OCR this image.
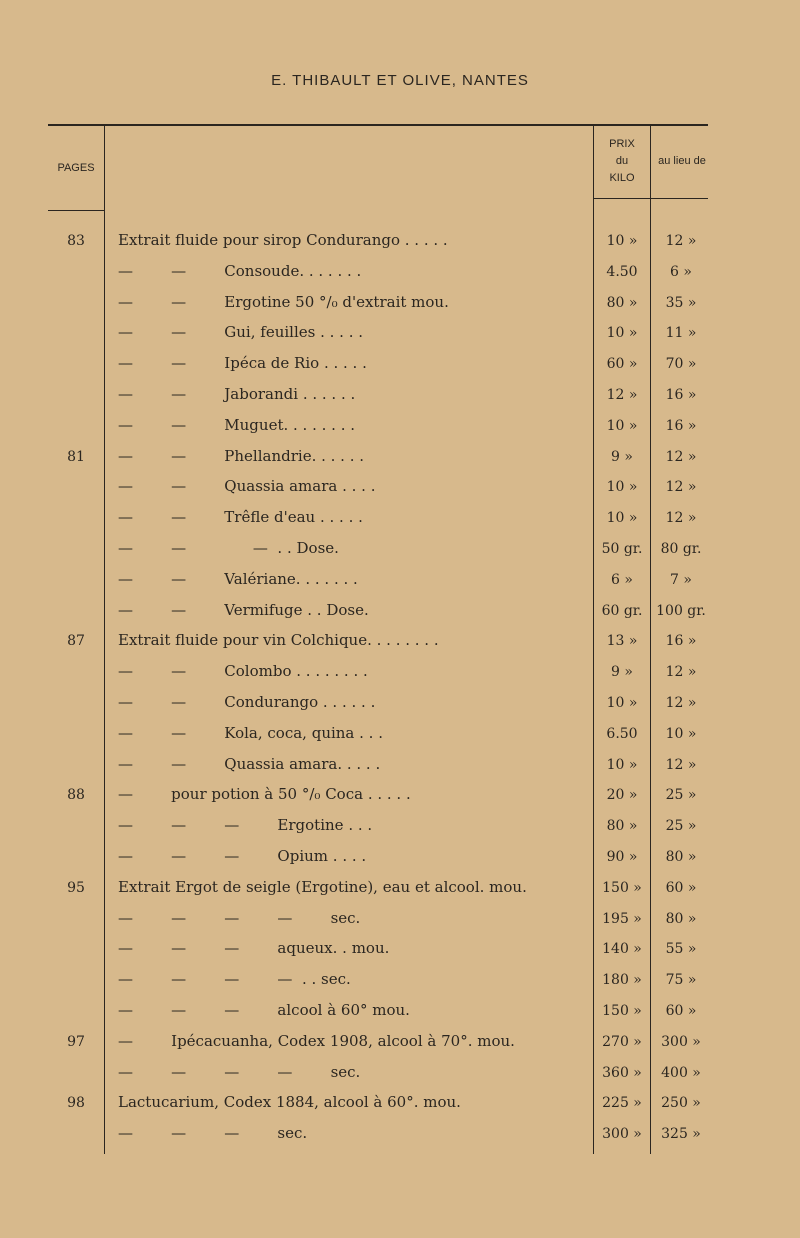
E. THIBAULT ET OLIVE, NANTES
PAGES
PRIX
du
KILO
au lieu de
83	Extrait fluide pour sirop Condurango . . . . .	10 »	12 »
—        —        Consoude. . . . . . .	4.50	6 »
—        —        Ergotine 50 °/₀ d'extrait mou.	80 »	35 »
—        —        Gui, feuilles . . . . .	10 »	11 »
—        —        Ipéca de Rio . . . . .	60 »	70 »
—        —        Jaborandi . . . . . .	12 »	16 »
—        —        Muguet. . . . . . . .	10 »	16 »
81	—        —        Phellandrie. . . . . .	9 »	12 »
—        —        Quassia amara . . . .	10 »	12 »
—        —        Trêfle d'eau . . . . .	10 »	12 »
—        —              —  . . Dose.	50 gr.	80 gr.
—        —        Valériane. . . . . . .	6 »	7 »
—        —        Vermifuge . . Dose.	60 gr. 100 gr.
87	Extrait fluide pour vin Colchique. . . . . . . .	13 »	16 »
—        —        Colombo . . . . . . . .	9 »	12 »
—        —        Condurango . . . . . .	10 »	12 »
—        —        Kola, coca, quina . . .	6.50	10 »
—        —        Quassia amara. . . . .	10 »	12 »
88	—        pour potion à 50 °/₀ Coca . . . . .	20 »	25 »
—        —        —        Ergotine . . .	80 »	25 »
—        —        —        Opium . . . .	90 »	80 »
95	Extrait Ergot de seigle (Ergotine), eau et alcool. mou.	150 »	60 »
—        —        —        —        sec.	195 »	80 »
—        —        —        aqueux. . mou.	140 »	55 »
—        —        —        —  . . sec.	180 »	75 »
—        —        —        alcool à 60° mou.	150 »	60 »
97	—        Ipécacuanha, Codex 1908, alcool à 70°. mou.	270 »	300 »
—        —        —        —        sec.	360 »	400 »
98	Lactucarium, Codex 1884, alcool à 60°. mou.	225 »	250 »
—        —        —        sec.	300 »	325 »
